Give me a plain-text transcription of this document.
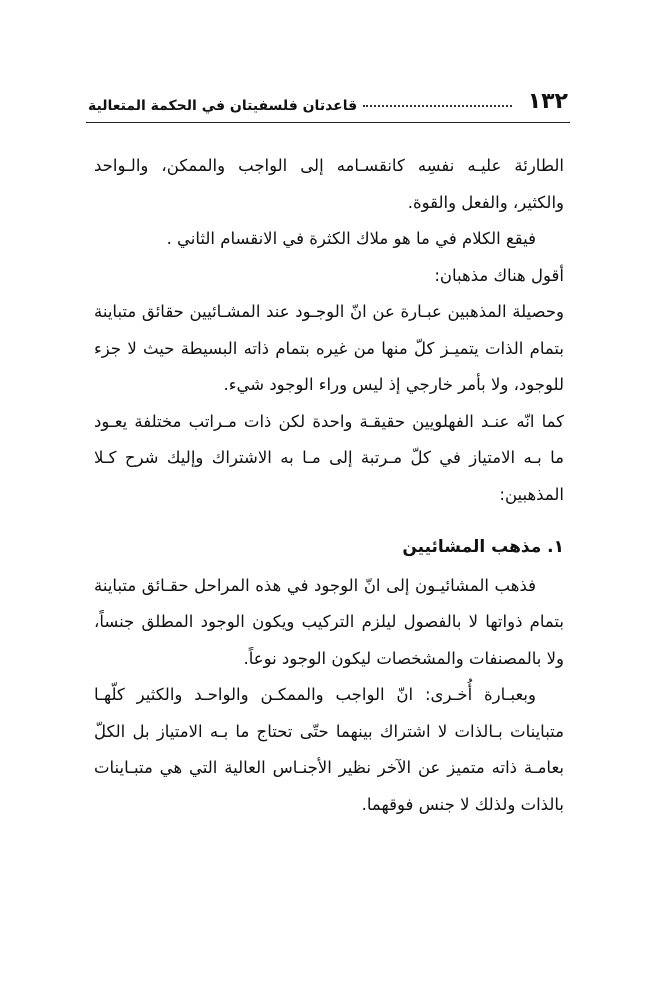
١٣٢
قاعدتان فلسفيتان في الحكمة المتعالية

الطارئة عليـه نفسِه كانقسـامه إلى الواجب والممكن، والـواحد والكثير، والفعل والقوة.

فيقع الكلام في ما هو ملاك الكثرة في الانقسام الثاني .

أقول هناك مذهبان:

وحصيلة المذهبين عبـارة عن انّ الوجـود عند المشـائيين حقائق متباينة بتمام الذات يتميـز كلّ منها من غيره بتمام ذاته البسيطة حيث لا جزء للوجود، ولا بأمر خارجي إذ ليس وراء الوجود شيء.

كما انّه عنـد الفهلويين حقيقـة واحدة لكن ذات مـراتب مختلفة يعـود ما بـه الامتياز في كلّ مـرتبة إلى مـا به الاشتراك وإليك شرح كـلا المذهبين:

١. مذهب المشائيين

فذهب المشائيـون إلى انّ الوجود في هذه المراحل حقـائق متباينة بتمام ذواتها لا بالفصول ليلزم التركيب ويكون الوجود المطلق جنساً، ولا بالمصنفات والمشخصات ليكون الوجود نوعاً.

وبعبـارة أُخـرى: انّ الواجب والممكـن والواحـد والكثير كلّهـا متباينات بـالذات لا اشتراك بينهما حتّى تحتاج ما بـه الامتياز بل الكلّ بعامـة ذاته متميز عن الآخر نظير الأجنـاس العالية التي هي متبـاينات بالذات ولذلك لا جنس فوقهما.
